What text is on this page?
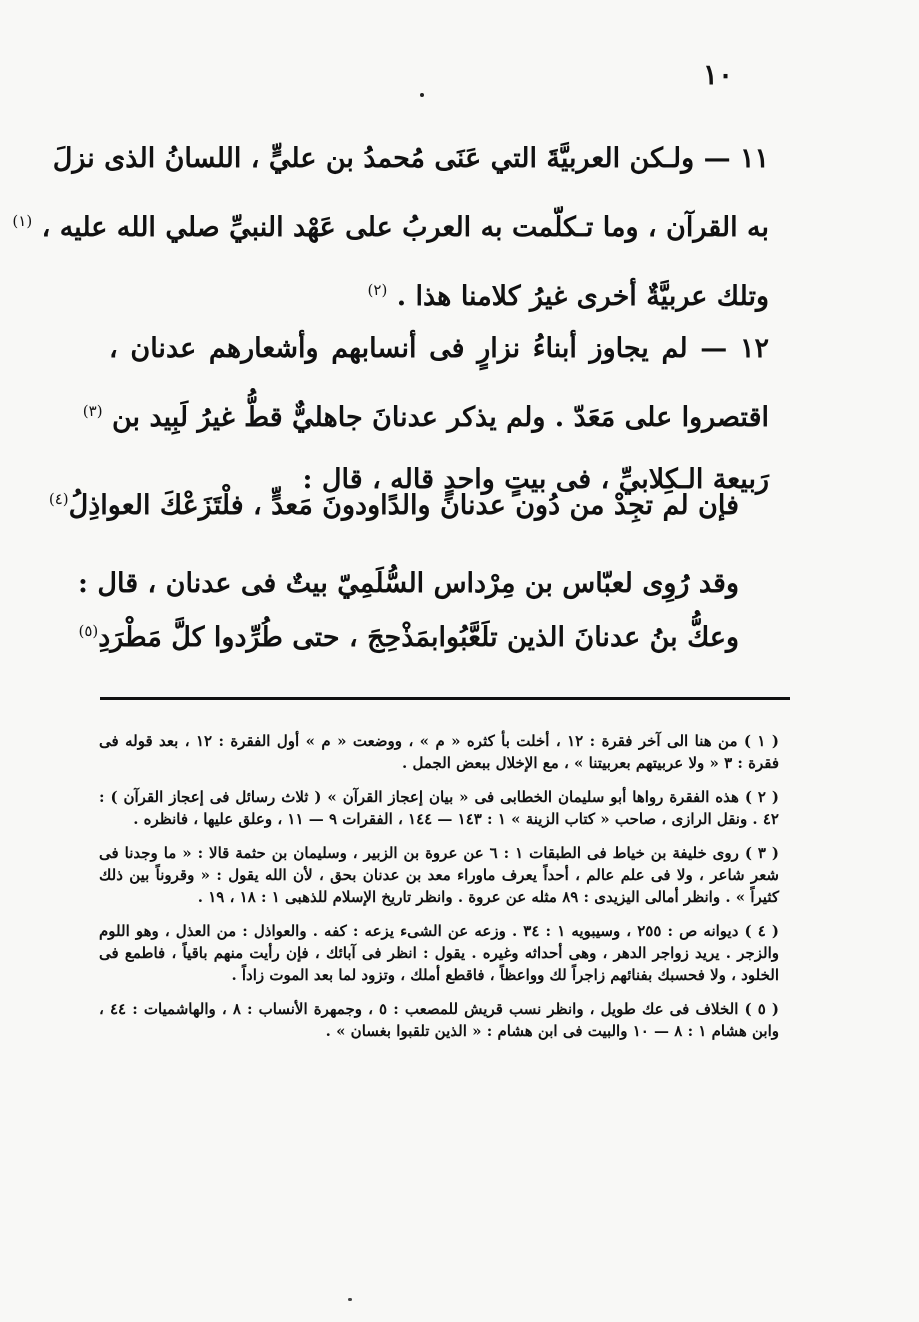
١٠
١١ — ولـكن العربيَّةَ التي عَنَى مُحمدُ بن عليٍّ ، اللسانُ الذى نزلَ
به القرآن ، وما تـكلّمت به العربُ على عَهْد النبيِّ صلي الله عليه ، $^{(١)}$
وتلك عربيَّةٌ أخرى غيرُ كلامنا هذا . $^{(٢)}$
١٢ — لم يجاوز أبناءُ نزارٍ فى أنسابهم وأشعارهم عدنان ،
اقتصروا على مَعَدّ . ولم يذكر عدنانَ جاهليٌّ قطُّ غيرُ لَبِيد بن $^{(٣)}$
رَبيعة الـكِلابيِّ ، فى بيتٍ واحدٍ قاله ، قال :
فإن لم تجِدْ من دُون عدنانَ والدًا
ودونَ مَعدٍّ ، فلْتَزَعْكَ العواذِلُ$^{(٤)}$
وقد رُوِى لعبّاس بن مِرْداس السُّلَمِيّ بيتٌ فى عدنان ، قال :
وعكُّ بنُ عدنانَ الذين تلَعَّبُوا
بمَذْحِجَ ، حتى طُرِّدوا كلَّ مَطْرَدِ$^{(٥)}$
( ١ ) من هنا الى آخر فقرة : ١٢ ، أخلت بأ كثره « م » ، ووضعت « م » أول الفقرة : ١٢ ، بعد قوله فى فقرة : ٣ « ولا عربيتهم بعربيتنا » ، مع الإخلال ببعض الجمل .
( ٢ ) هذه الفقرة رواها أبو سليمان الخطابى فى « بيان إعجاز القرآن » ( ثلاث رسائل فى إعجاز القرآن ) : ٤٢ . ونقل الرازى ، صاحب « كتاب الزينة » ١ : ١٤٣ — ١٤٤ ، الفقرات ٩ — ١١ ، وعلق عليها ، فانظره .
( ٣ ) روى خليفة بن خياط فى الطبقات ١ : ٦ عن عروة بن الزبير ، وسليمان بن حثمة قالا : « ما وجدنا فى شعر شاعر ، ولا فى علم عالم ، أحداً يعرف ماوراء معد بن عدنان بحق ، لأن الله يقول : « وقروناً بين ذلك كثيراً » . وانظر أمالى اليزيدى : ٨٩ مثله عن عروة . وانظر تاريخ الإسلام للذهبى ١ : ١٨ ، ١٩ .
( ٤ ) ديوانه ص : ٢٥٥ ، وسيبويه ١ : ٣٤ . وزعه عن الشىء يزعه : كفه . والعواذل : من العذل ، وهو اللوم والزجر . يريد زواجر الدهر ، وهى أحداثه وغيره . يقول : انظر فى آبائك ، فإن رأيت منهم باقياً ، فاطمع فى الخلود ، ولا فحسبك بفنائهم زاجراً لك وواعظاً ، فاقطع أملك ، وتزود لما بعد الموت زاداً .
( ٥ ) الخلاف فى عك طويل ، وانظر نسب قريش للمصعب : ٥ ، وجمهرة الأنساب : ٨ ، والهاشميات : ٤٤ ، وابن هشام ١ : ٨ — ١٠ والبيت فى ابن هشام : « الذين تلقبوا بغسان » .
